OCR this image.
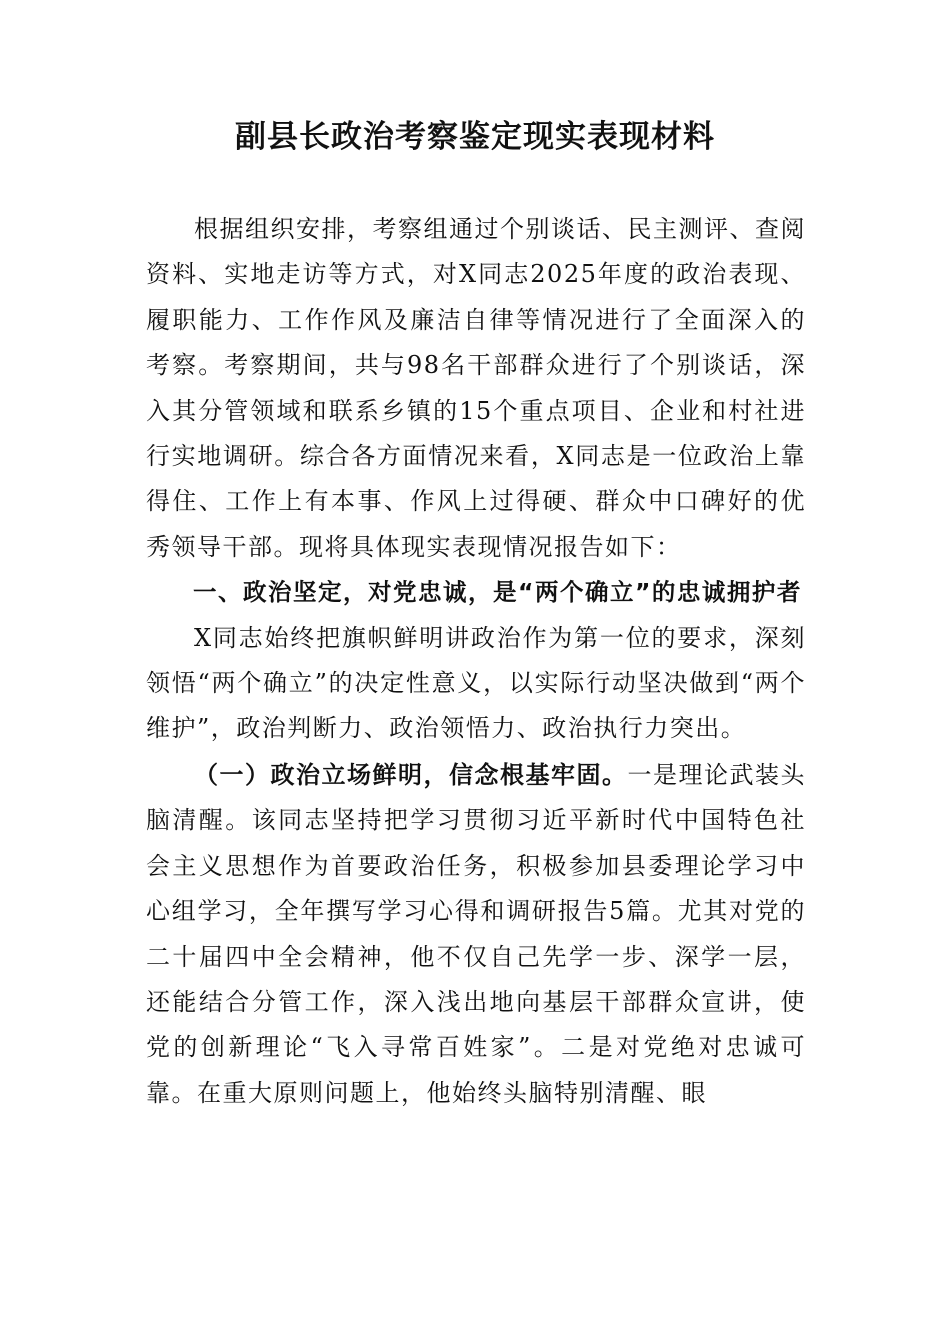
副县长政治考察鉴定现实表现材料

根据组织安排，考察组通过个别谈话、民主测评、查阅资料、实地走访等方式，对X同志2025年度的政治表现、履职能力、工作作风及廉洁自律等情况进行了全面深入的考察。考察期间，共与98名干部群众进行了个别谈话，深入其分管领域和联系乡镇的15个重点项目、企业和村社进行实地调研。综合各方面情况来看，X同志是一位政治上靠得住、工作上有本事、作风上过得硬、群众中口碑好的优秀领导干部。现将具体现实表现情况报告如下：

一、政治坚定，对党忠诚，是“两个确立”的忠诚拥护者

X同志始终把旗帜鲜明讲政治作为第一位的要求，深刻领悟“两个确立”的决定性意义，以实际行动坚决做到“两个维护”，政治判断力、政治领悟力、政治执行力突出。

（一）政治立场鲜明，信念根基牢固。一是理论武装头脑清醒。该同志坚持把学习贯彻习近平新时代中国特色社会主义思想作为首要政治任务，积极参加县委理论学习中心组学习，全年撰写学习心得和调研报告5篇。尤其对党的二十届四中全会精神，他不仅自己先学一步、深学一层，还能结合分管工作，深入浅出地向基层干部群众宣讲，使党的创新理论“飞入寻常百姓家”。二是对党绝对忠诚可靠。在重大原则问题上，他始终头脑特别清醒、眼
